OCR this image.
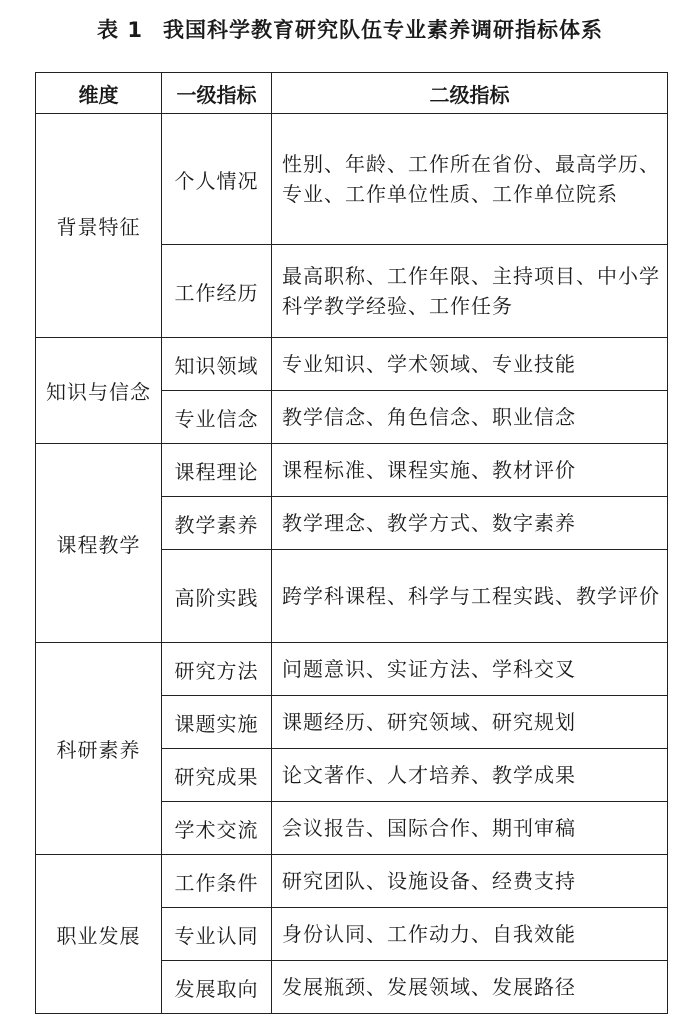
表 1 我国科学教育研究队伍专业素养调研指标体系
维度	一级指标	二级指标
背景特征	个人情况	性别、年龄、工作所在省份、最高学历、专业、工作单位性质、工作单位院系
	工作经历	最高职称、工作年限、主持项目、中小学科学教学经验、工作任务
知识与信念	知识领域	专业知识、学术领域、专业技能
	专业信念	教学信念、角色信念、职业信念
课程教学	课程理论	课程标准、课程实施、教材评价
	教学素养	教学理念、教学方式、数字素养
	高阶实践	跨学科课程、科学与工程实践、教学评价
科研素养	研究方法	问题意识、实证方法、学科交叉
	课题实施	课题经历、研究领域、研究规划
	研究成果	论文著作、人才培养、教学成果
	学术交流	会议报告、国际合作、期刊审稿
职业发展	工作条件	研究团队、设施设备、经费支持
	专业认同	身份认同、工作动力、自我效能
	发展取向	发展瓶颈、发展领域、发展路径
